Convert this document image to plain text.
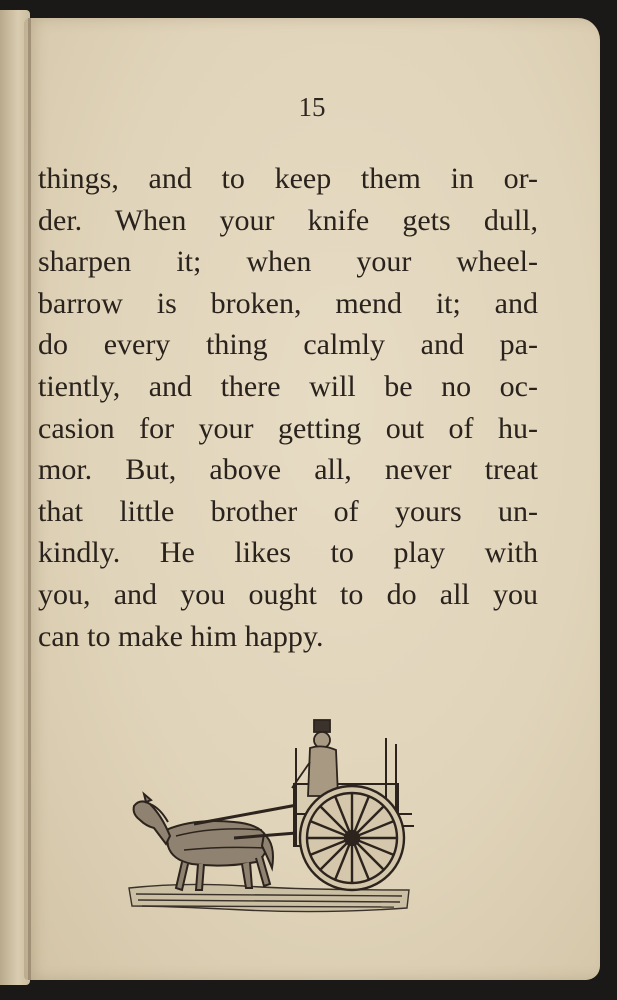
15
things, and to keep them in or-
der. When your knife gets dull,
sharpen it; when your wheel-
barrow is broken, mend it; and
do every thing calmly and pa-
tiently, and there will be no oc-
casion for your getting out of hu-
mor. But, above all, never treat
that little brother of yours un-
kindly. He likes to play with
you, and you ought to do all you
can to make him happy.
